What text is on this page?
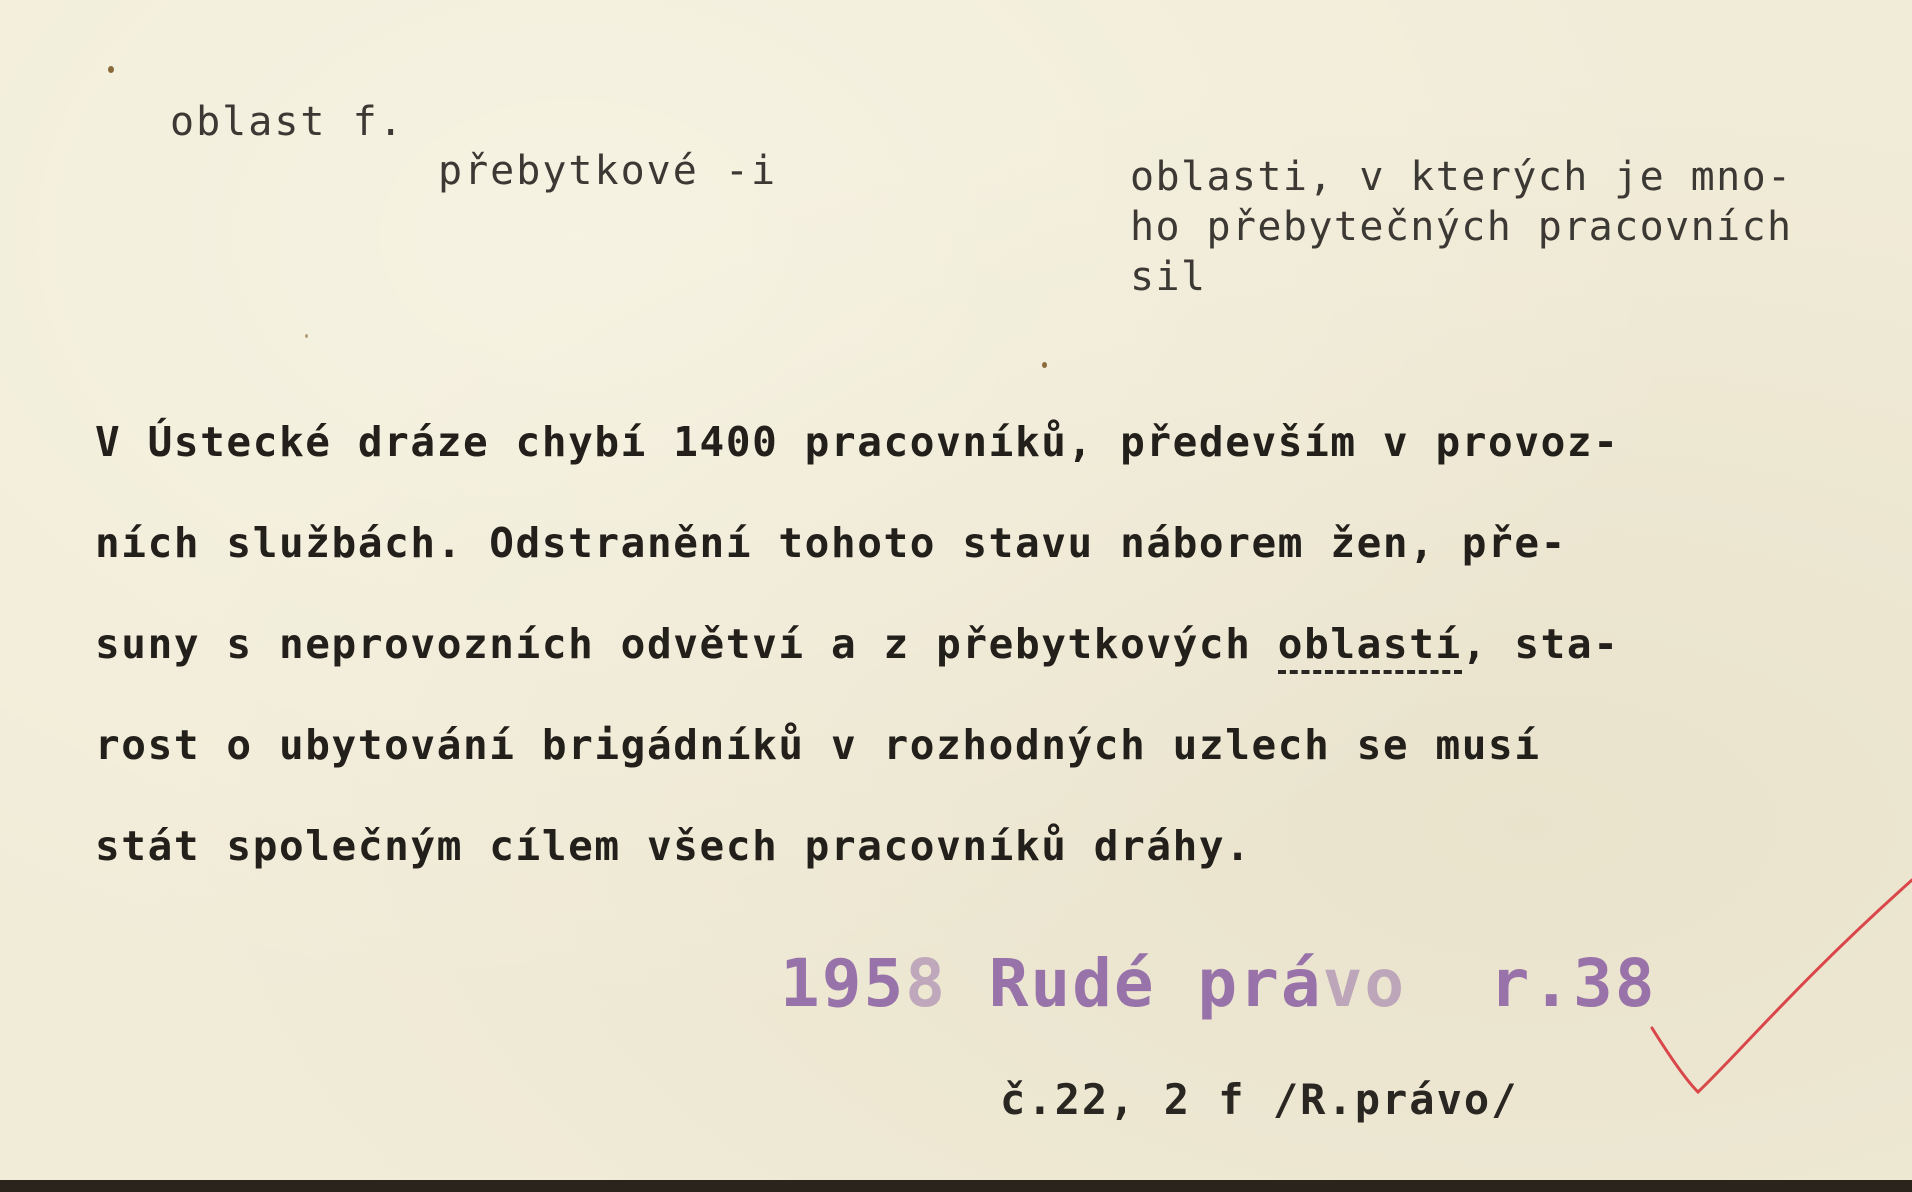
oblast f.
přebytkové -i	oblasti, v kterých je mno-
ho přebytečných pracovních
sil
V Ústecké dráze chybí 1400 pracovníků, především v provoz-
ních službách. Odstranění tohoto stavu náborem žen, pře-
suny s neprovozních odvětví a z přebytkových oblastí, sta-
rost o ubytování brigádníků v rozhodných uzlech se musí
stát společným cílem všech pracovníků dráhy.
1958 Rudé právo r.38
č.22, 2 f /R.právo/
